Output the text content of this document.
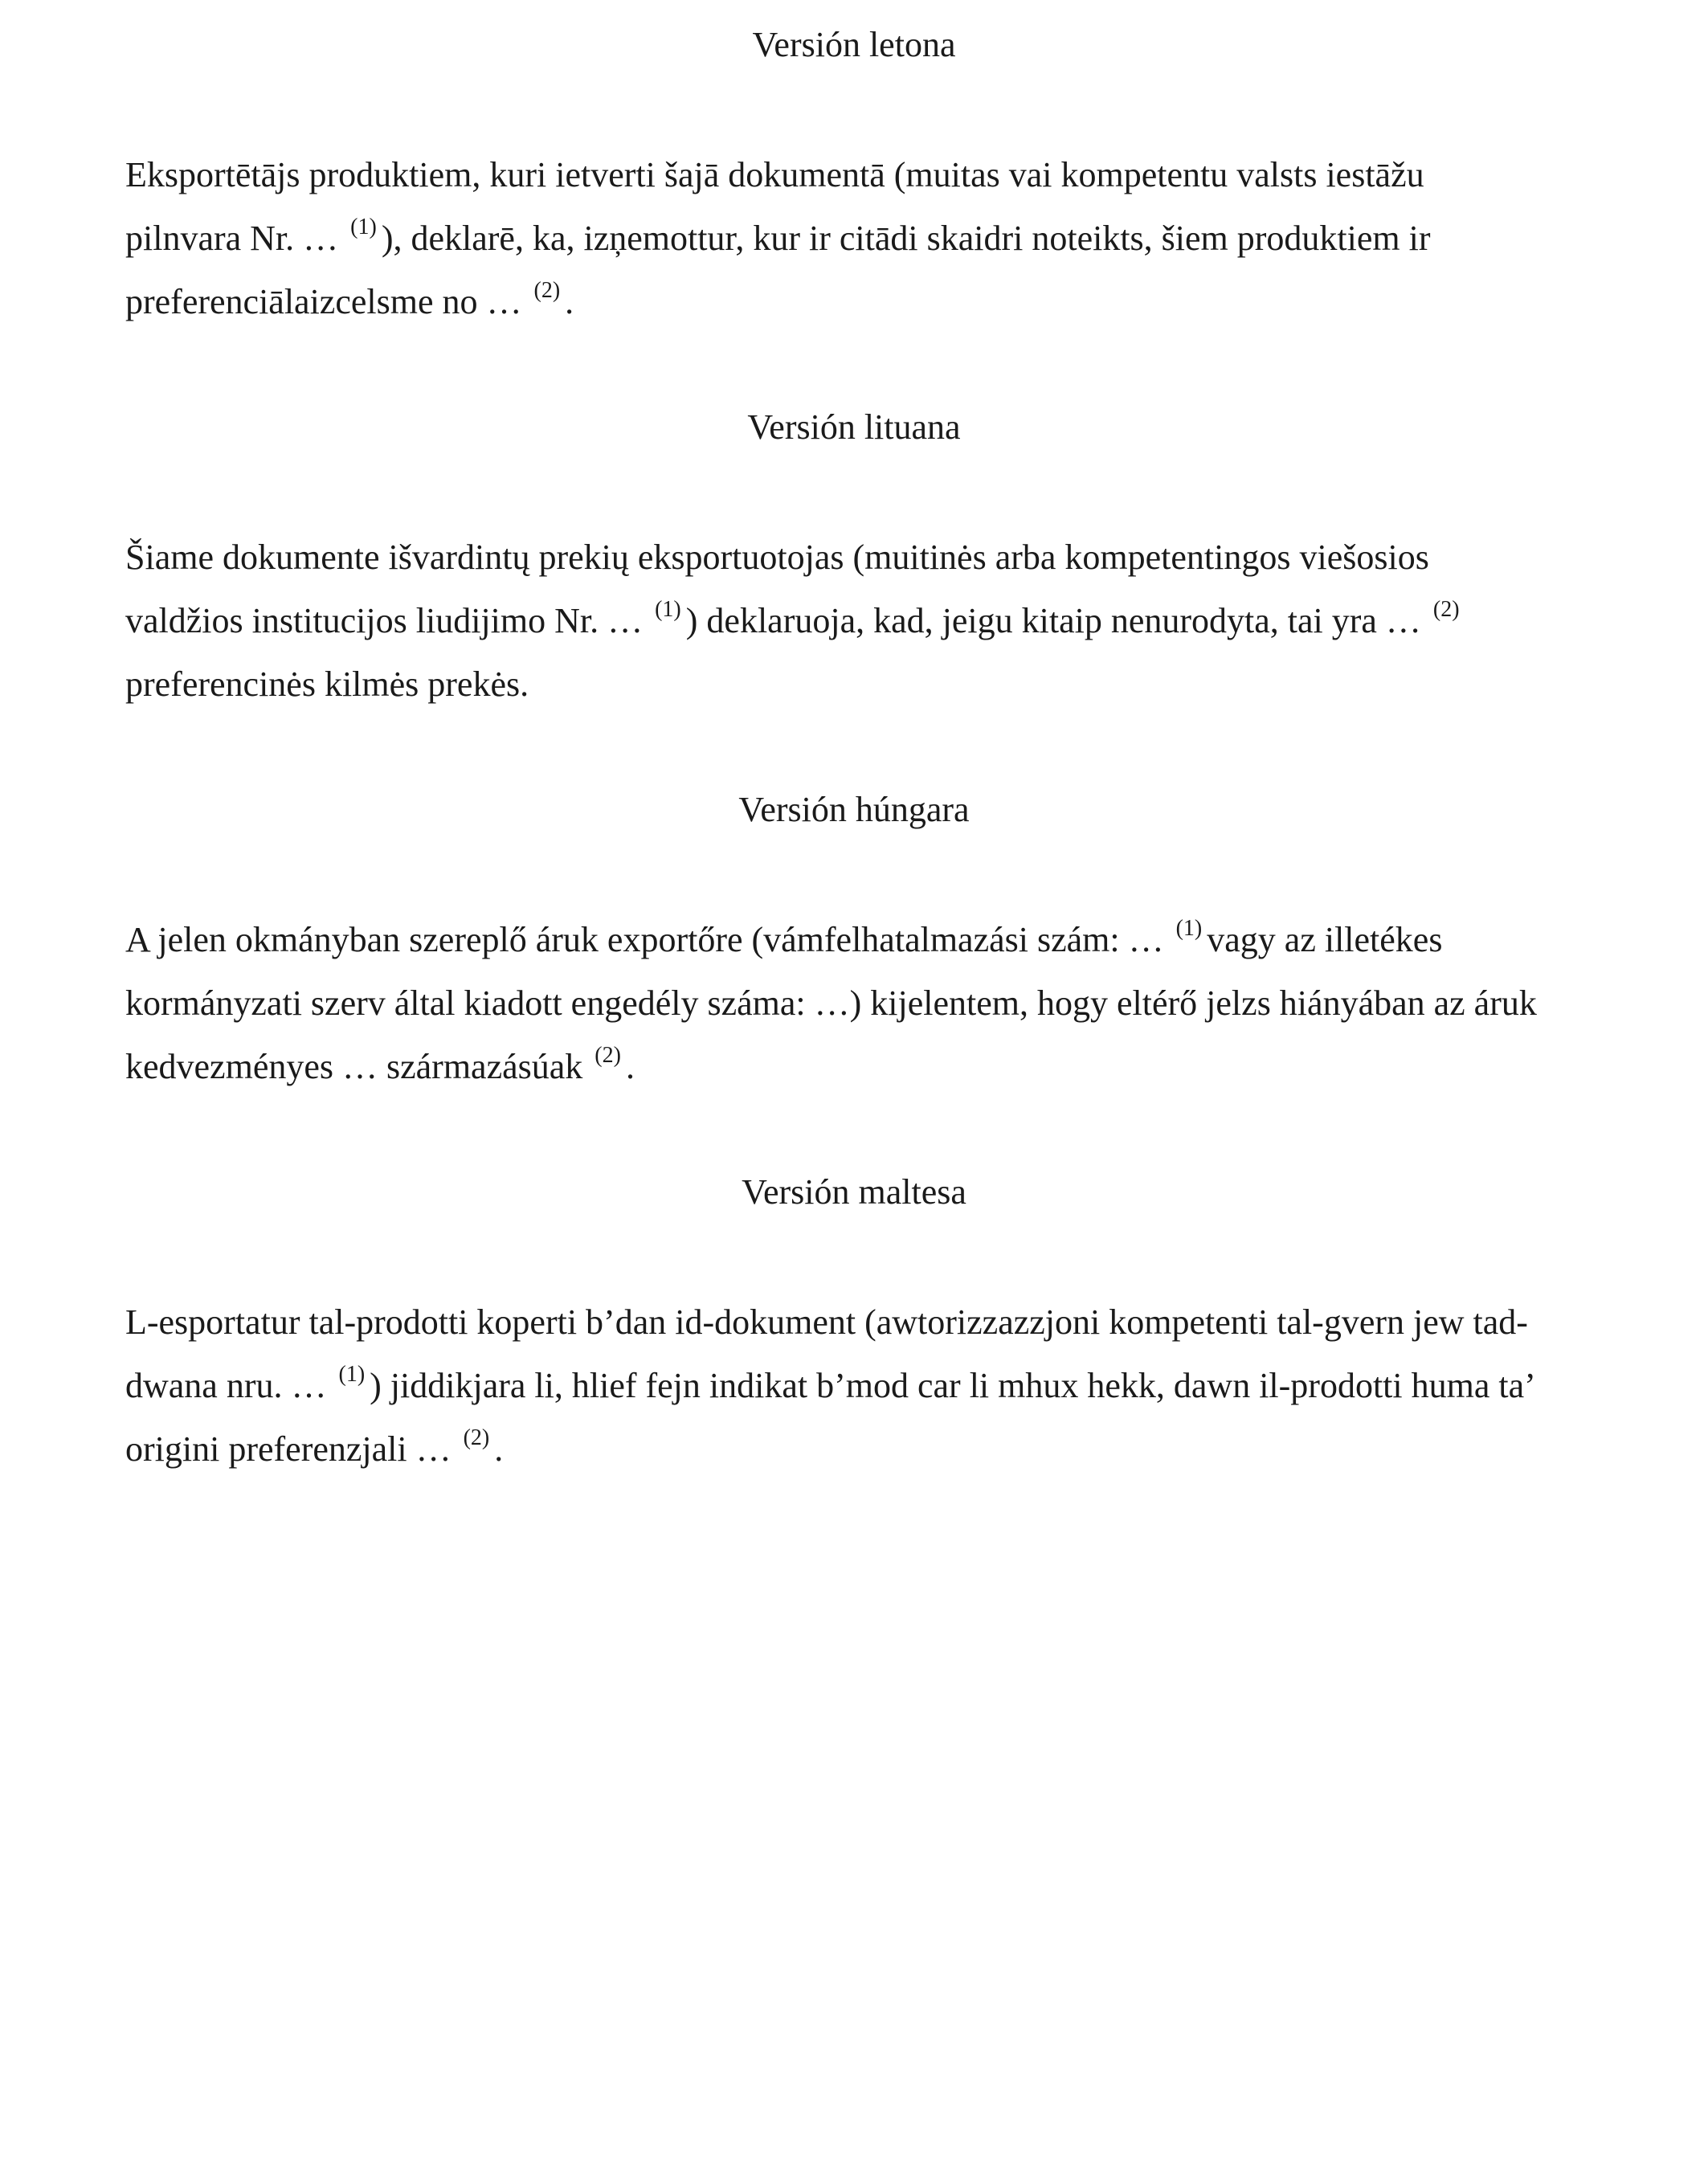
Versión letona
Eksportētājs produktiem, kuri ietverti šajā dokumentā (muitas vai kompetentu valsts iestāžu
pilnvara Nr. … $^{(1)}$ ), deklarē, ka, izņemottur, kur ir citādi skaidri noteikts, šiem produktiem ir
preferenciālaizcelsme no … $^{(2)}$ .
Versión lituana
Šiame dokumente išvardintų prekių eksportuotojas (muitinės arba kompetentingos viešosios
valdžios institucijos liudijimo Nr. … $^{(1)}$ ) deklaruoja, kad, jeigu kitaip nenurodyta, tai yra … $^{(2)}$
preferencinės kilmės prekės.
Versión húngara
A jelen okmányban szereplő áruk exportőre (vámfelhatalmazási szám: … $^{(1)}$ vagy az illetékes
kormányzati szerv által kiadott engedély száma: …) kijelentem, hogy eltérő jelzs hiányában az áruk
kedvezményes … származásúak $^{(2)}$ .
Versión maltesa
L-esportatur tal-prodotti koperti b’dan id-dokument (awtorizzazzjoni kompetenti tal-gvern jew tad-
dwana nru. … $^{(1)}$ ) jiddikjara li, hlief fejn indikat b’mod car li mhux hekk, dawn il-prodotti huma ta’
origini preferenzjali … $^{(2)}$ .
